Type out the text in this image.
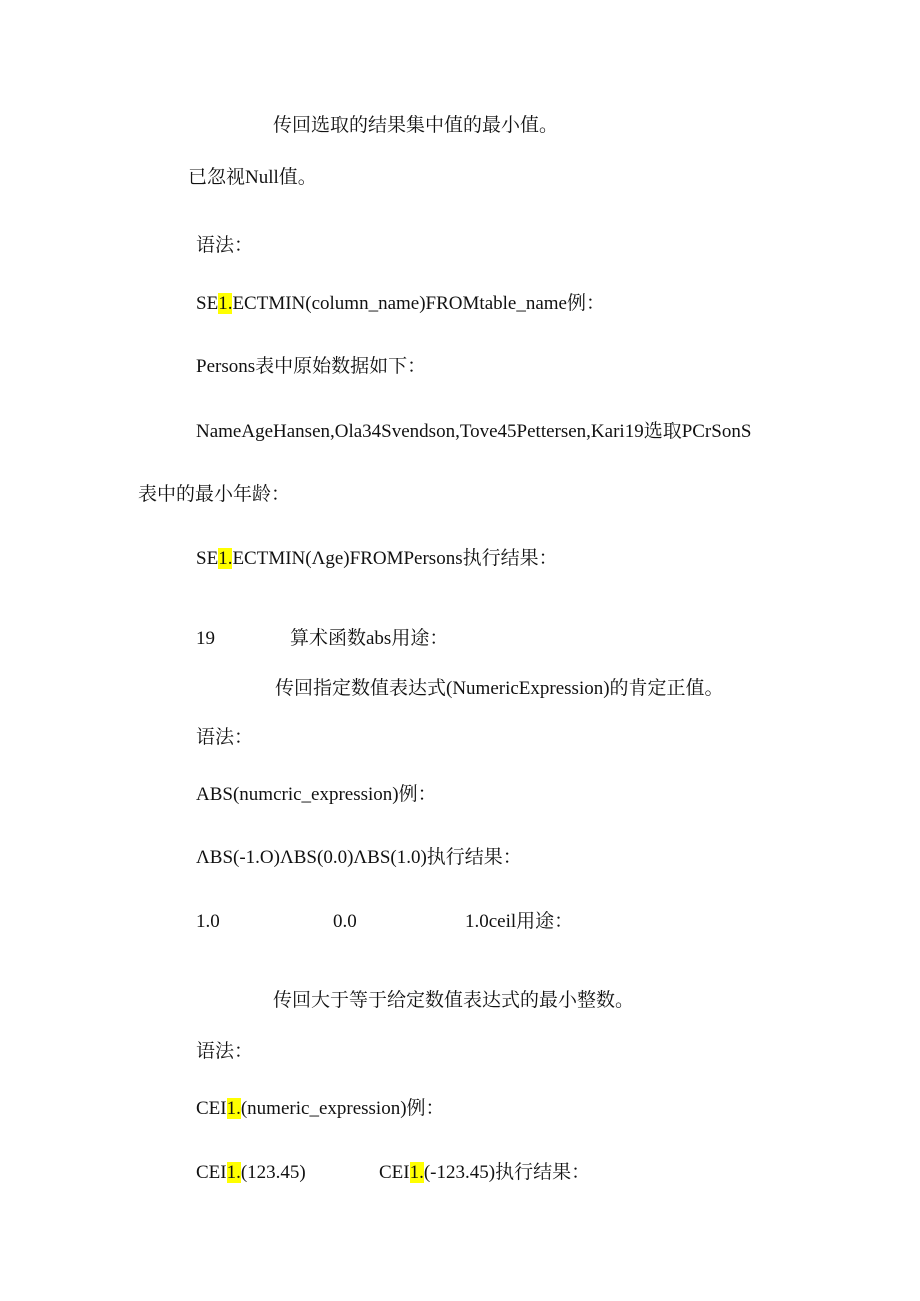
传回选取的结果集中值的最小值。
已忽视Null值。
语法：
SE1.ECTMIN(column_name)FROMtable_name例：
Persons表中原始数据如下：
NameAgeHansen,Ola34Svendson,Tove45Pettersen,Kari19选取PCrSonS
表中的最小年龄：
SE1.ECTMIN(Λge)FROMPersons执行结果：
19	算术函数abs用途：
传回指定数值表达式(NumericExpression)的肯定正值。
语法：
ABS(numcric_expression)例：
ΛBS(-1.O)ΛBS(0.0)ΛBS(1.0)执行结果：
1.0	0.0	1.0ceil用途：
传回大于等于给定数值表达式的最小整数。
语法：
CEI1.(numeric_expression)例：
CEI1.(123.45)	CEI1.(-123.45)执行结果：
